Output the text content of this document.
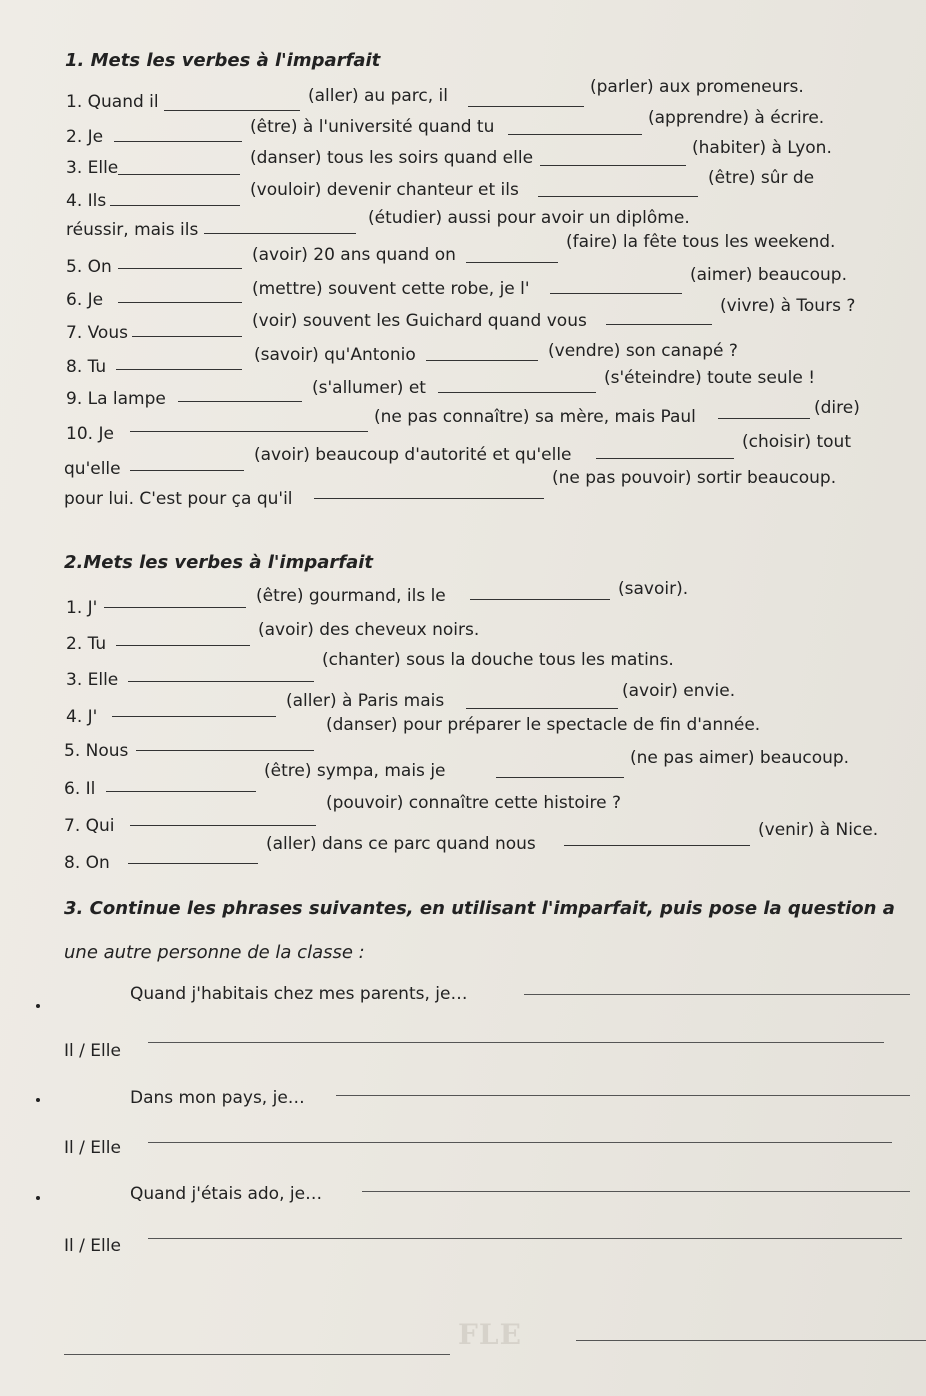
1. Mets les verbes à l'imparfait
1. Quand il	(aller) au parc, il	(parler) aux promeneurs.
2. Je	(être) à l'université quand tu	(apprendre) à écrire.
3. Elle	(danser) tous les soirs quand elle	(habiter) à Lyon.
4. Ils
(vouloir) devenir chanteur et ils
(être) sûr de
réussir, mais ils
(étudier) aussi pour avoir un diplôme.
5. On
(avoir) 20 ans quand on
(faire) la fête tous les weekend.
6. Je
(mettre) souvent cette robe, je l'
(aimer) beaucoup.
7. Vous
(voir) souvent les Guichard quand vous
(vivre) à Tours ?
8. Tu
(savoir) qu'Antonio	(vendre) son canapé ?
9. La lampe
(s'allumer) et	(s'éteindre) toute seule !
10. Je
(ne pas connaître) sa mère, mais Paul	(dire)
qu'elle
(avoir) beaucoup d'autorité et qu'elle
(choisir) tout
pour lui. C'est pour ça qu'il
(ne pas pouvoir) sortir beaucoup.
2.Mets les verbes à l'imparfait
1. J'
(être) gourmand, ils le	(savoir).
2. Tu
(avoir) des cheveux noirs.
3. Elle
(chanter) sous la douche tous les matins.
4. J'
(aller) à Paris mais	(avoir) envie.
5. Nous
(danser) pour préparer le spectacle de fin d'année.
6. Il
(être) sympa, mais je
(ne pas aimer) beaucoup.
7. Qui
(pouvoir) connaître cette histoire ?
8. On
(aller) dans ce parc quand nous
(venir) à Nice.
3. Continue les phrases suivantes, en utilisant l'imparfait, puis pose la question a
une autre personne de la classe :
Quand j'habitais chez mes parents, je…
Il / Elle
Dans mon pays, je…
Il / Elle
Quand j'étais ado, je…
Il / Elle
FLE
